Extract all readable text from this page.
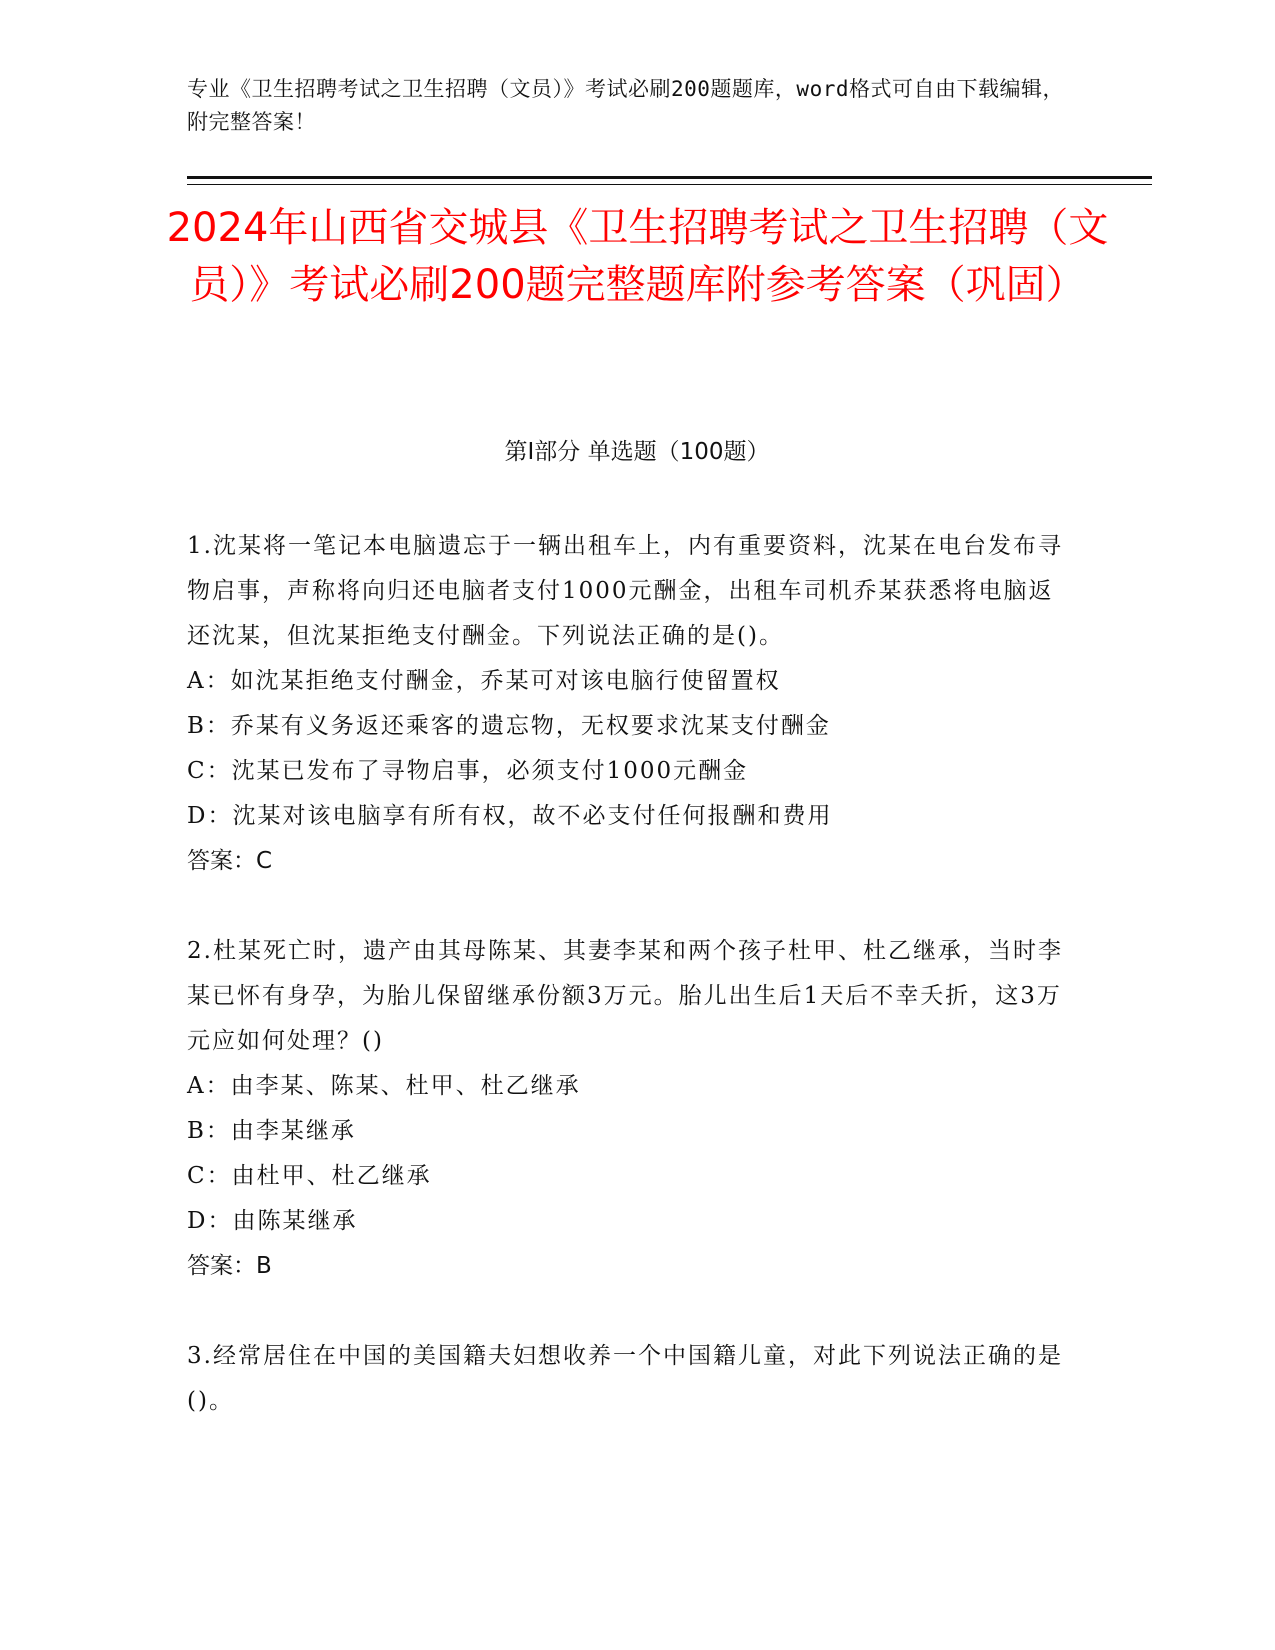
专业《卫生招聘考试之卫生招聘（文员）》考试必刷200题题库，word格式可自由下载编辑，附完整答案！
2024年山西省交城县《卫生招聘考试之卫生招聘（文员）》考试必刷200题完整题库附参考答案（巩固）
第Ⅰ部分 单选题（100题）
1.沈某将一笔记本电脑遗忘于一辆出租车上，内有重要资料，沈某在电台发布寻物启事，声称将向归还电脑者支付1000元酬金，出租车司机乔某获悉将电脑返还沈某，但沈某拒绝支付酬金。下列说法正确的是()。
A：如沈某拒绝支付酬金，乔某可对该电脑行使留置权
B：乔某有义务返还乘客的遗忘物，无权要求沈某支付酬金
C：沈某已发布了寻物启事，必须支付1000元酬金
D：沈某对该电脑享有所有权，故不必支付任何报酬和费用
答案：C
2.杜某死亡时，遗产由其母陈某、其妻李某和两个孩子杜甲、杜乙继承，当时李某已怀有身孕，为胎儿保留继承份额3万元。胎儿出生后1天后不幸夭折，这3万元应如何处理？()
A：由李某、陈某、杜甲、杜乙继承
B：由李某继承
C：由杜甲、杜乙继承
D：由陈某继承
答案：B
3.经常居住在中国的美国籍夫妇想收养一个中国籍儿童，对此下列说法正确的是()。
